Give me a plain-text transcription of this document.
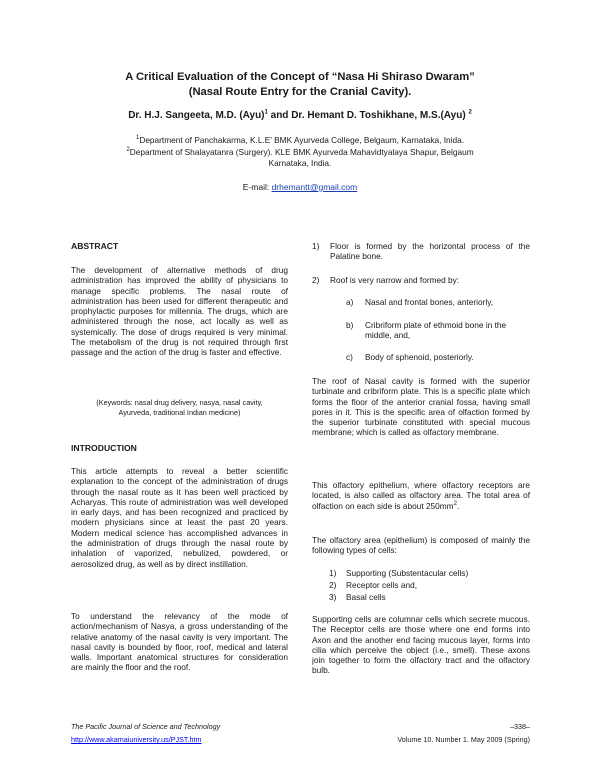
A Critical Evaluation of the Concept of “Nasa Hi Shiraso Dwaram”
(Nasal Route Entry for the Cranial Cavity).
Dr. H.J. Sangeeta, M.D. (Ayu)$^1$ and Dr. Hemant D. Toshikhane, M.S.(Ayu) $^2$
$^1$Department of Panchakarma, K.L.E’ BMK Ayurveda College, Belgaum, Karnataka, Inida.
$^2$Department of Shalayatanra (Surgery). KLE BMK Ayurveda Mahavidtyalaya Shapur, Belgaum
Karnataka, India.
E-mail: drhemantt@gmail.com
ABSTRACT
The development of alternative methods of drug administration has improved the ability of physicians to manage specific problems. The nasal route of administration has been used for different therapeutic and prophylactic purposes for millennia. The drugs, which are administered through the nose, act locally as well as systemically. The dose of drugs required is very minimal. The metabolism of the drug is not required through first passage and the action of the drug is faster and effective.
(Keywords: nasal drug delivery, nasya, nasal cavity,
Ayurveda, traditional Indian medicine)
INTRODUCTION
This article attempts to reveal a better scientific explanation to the concept of the administration of drugs through the nasal route as it has been well practiced by Acharyas. This route of administration was well developed in early days, and has been recognized and practiced by modern physicians since at least the past 20 years. Modern medical science has accomplished advances in the administration of drugs through the nasal route by inhalation of vaporized, nebulized, powdered, or aerosolized drug, as well as by direct instillation.
To understand the relevancy of the mode of action/mechanism of Nasya, a gross understanding of the relative anatomy of the nasal cavity is very important. The nasal cavity is bounded by floor, roof, medical and lateral walls. Important anatomical structures for consideration are mainly the floor and the roof.
1) Floor is formed by the horizontal process of the Palatine bone.
2) Roof is very narrow and formed by:
a) Nasal and frontal bones, anteriorly,
b) Cribriform plate of ethmoid bone in the middle, and,
c) Body of sphenoid, posteriorly.
The roof of Nasal cavity is formed with the superior turbinate and cribriform plate. This is a specific plate which forms the floor of the anterior cranial fossa, having small pores in it. This is the specific area of olfaction formed by the superior turbinate constituted with special mucous membrane; which is called as olfactory membrane.
This olfactory epithelium, where olfactory receptors are located, is also called as olfactory area. The total area of olfaction on each side is about $250mm^2$.
The olfactory area (epithelium) is composed of mainly the following types of cells:
1) Supporting (Substentacular cells)
2) Receptor cells and,
3) Basal cells
Supporting cells are columnar cells which secrete mucous. The Receptor cells are those where one end forms into Axon and the another end facing mucous layer, forms into cilia which perceive the object (i.e., smell). These axons join together to form the olfactory tract and the olfactory bulb.
The Pacific Journal of Science and Technology
http://www.akamaiuniversity.us/PJST.htm
–338–
Volume 10. Number 1. May 2009 (Spring)
